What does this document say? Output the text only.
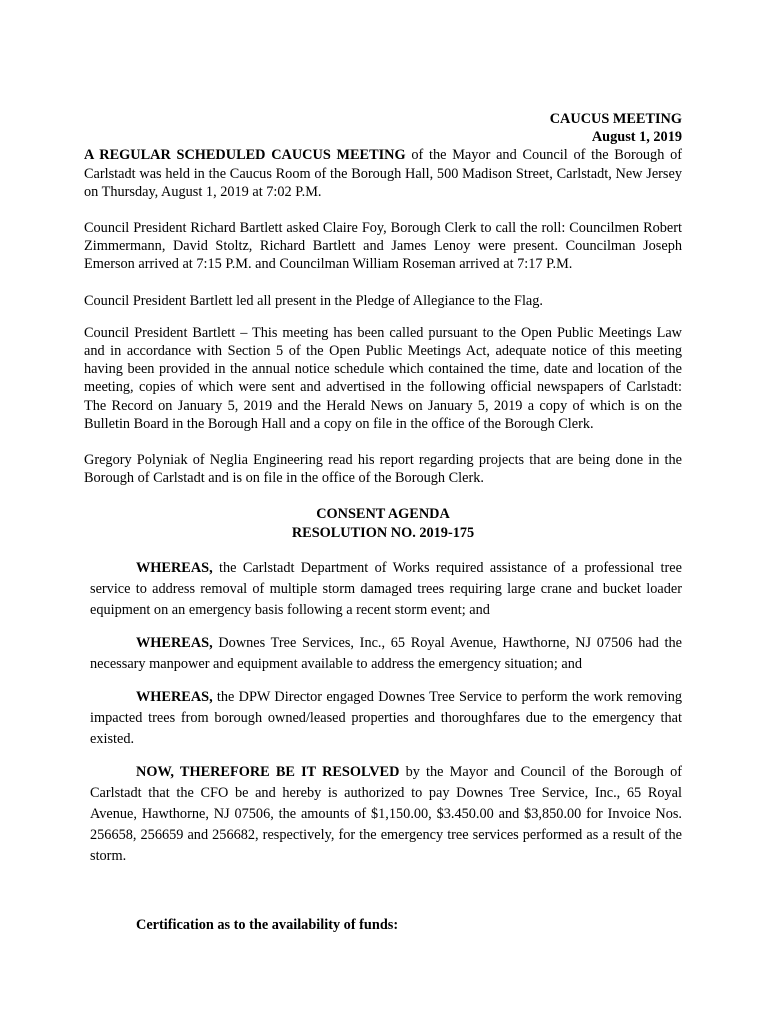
CAUCUS MEETING
August 1, 2019

A REGULAR SCHEDULED CAUCUS MEETING of the Mayor and Council of the Borough of Carlstadt was held in the Caucus Room of the Borough Hall, 500 Madison Street, Carlstadt, New Jersey on Thursday, August 1, 2019 at 7:02 P.M.

Council President Richard Bartlett asked Claire Foy, Borough Clerk to call the roll: Councilmen Robert Zimmermann, David Stoltz, Richard Bartlett and James Lenoy were present. Councilman Joseph Emerson arrived at 7:15 P.M. and Councilman William Roseman arrived at 7:17 P.M.

Council President Bartlett led all present in the Pledge of Allegiance to the Flag.

Council President Bartlett – This meeting has been called pursuant to the Open Public Meetings Law and in accordance with Section 5 of the Open Public Meetings Act, adequate notice of this meeting having been provided in the annual notice schedule which contained the time, date and location of the meeting, copies of which were sent and advertised in the following official newspapers of Carlstadt: The Record on January 5, 2019 and the Herald News on January 5, 2019 a copy of which is on the Bulletin Board in the Borough Hall and a copy on file in the office of the Borough Clerk.

Gregory Polyniak of Neglia Engineering read his report regarding projects that are being done in the Borough of Carlstadt and is on file in the office of the Borough Clerk.

CONSENT AGENDA

RESOLUTION NO. 2019-175

WHEREAS, the Carlstadt Department of Works required assistance of a professional tree service to address removal of multiple storm damaged trees requiring large crane and bucket loader equipment on an emergency basis following a recent storm event; and

WHEREAS, Downes Tree Services, Inc., 65 Royal Avenue, Hawthorne, NJ 07506 had the necessary manpower and equipment available to address the emergency situation; and

WHEREAS, the DPW Director engaged Downes Tree Service to perform the work removing impacted trees from borough owned/leased properties and thoroughfares due to the emergency that existed.

NOW, THEREFORE BE IT RESOLVED by the Mayor and Council of the Borough of Carlstadt that the CFO be and hereby is authorized to pay Downes Tree Service, Inc., 65 Royal Avenue, Hawthorne, NJ 07506, the amounts of $1,150.00, $3.450.00 and $3,850.00 for Invoice Nos. 256658, 256659 and 256682, respectively, for the emergency tree services performed as a result of the storm.

Certification as to the availability of funds:
